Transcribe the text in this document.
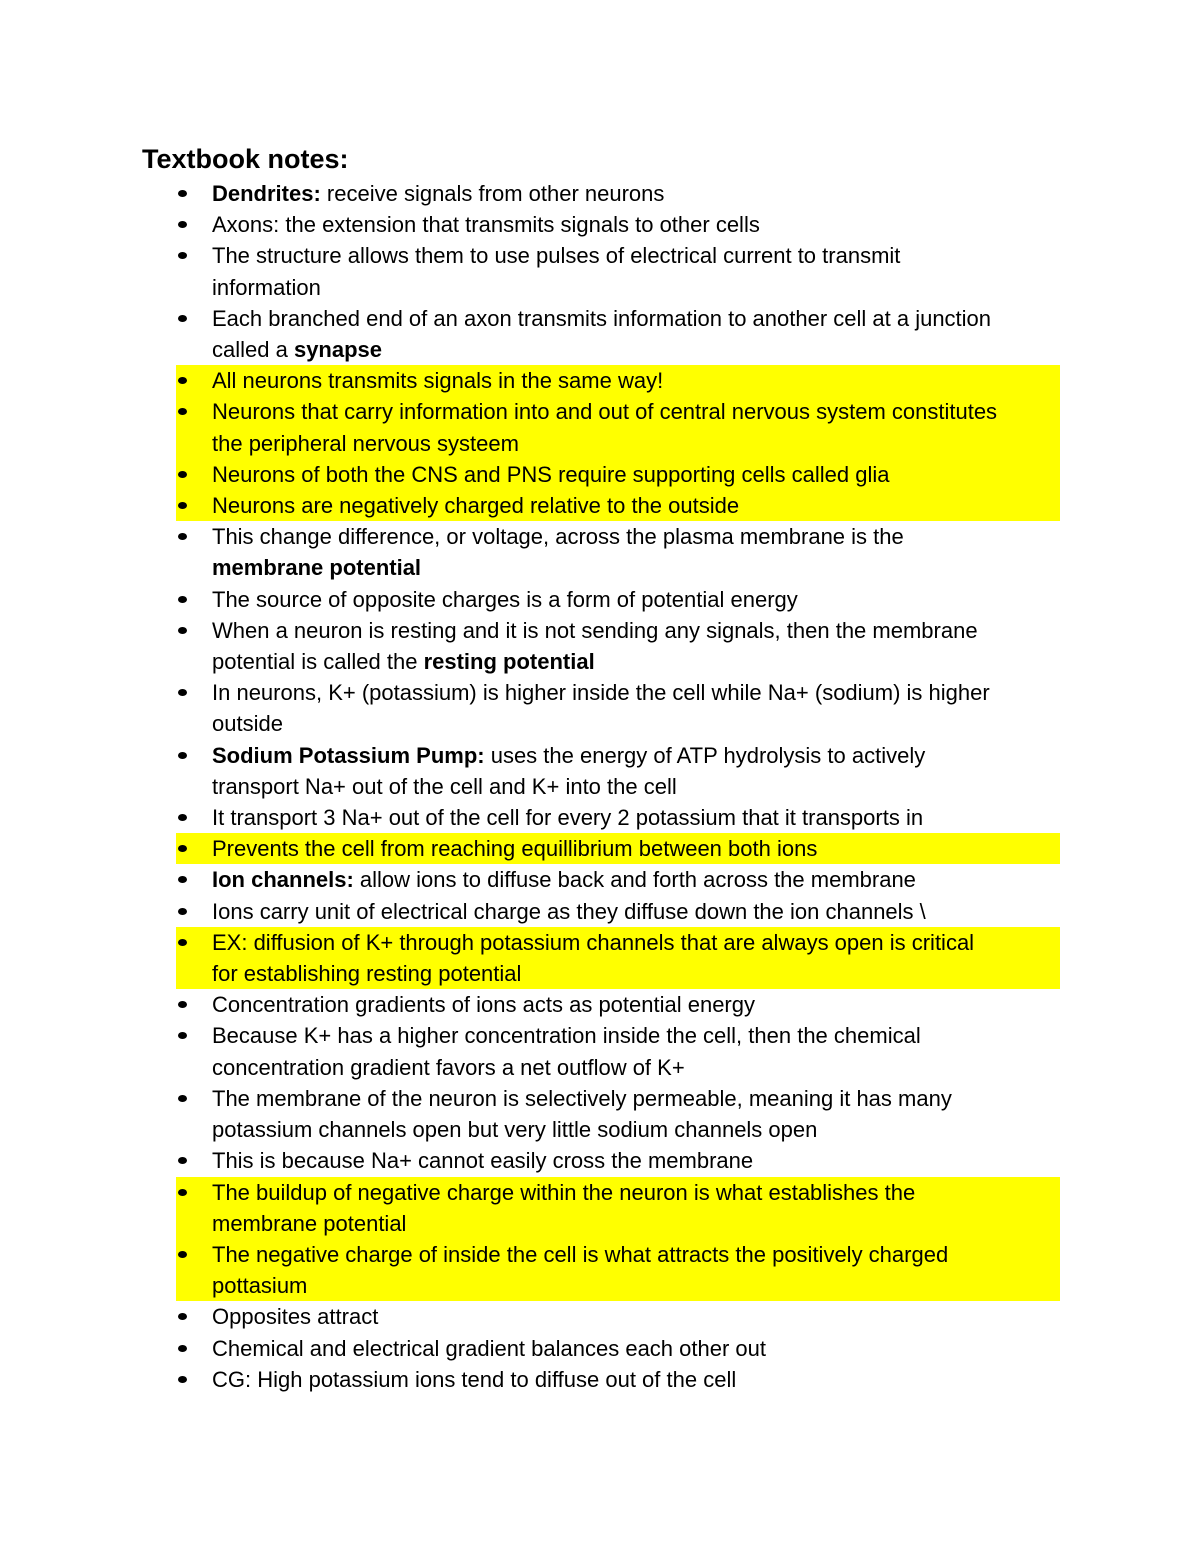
Textbook notes:
Dendrites: receive signals from other neurons
Axons: the extension that transmits signals to other cells
The structure allows them to use pulses of electrical current to transmit
information
Each branched end of an axon transmits information to another cell at a junction
called a synapse
All neurons transmits signals in the same way!
Neurons that carry information into and out of central nervous system constitutes
the peripheral nervous systeem
Neurons of both the CNS and PNS require supporting cells called glia
Neurons are negatively charged relative to the outside
This change difference, or voltage, across the plasma membrane is the
membrane potential
The source of opposite charges is a form of potential energy
When a neuron is resting and it is not sending any signals, then the membrane
potential is called the resting potential
In neurons, K+ (potassium) is higher inside the cell while Na+ (sodium) is higher
outside
Sodium Potassium Pump: uses the energy of ATP hydrolysis to actively
transport Na+ out of the cell and K+ into the cell
It transport 3 Na+ out of the cell for every 2 potassium that it transports in
Prevents the cell from reaching equillibrium between both ions
Ion channels: allow ions to diffuse back and forth across the membrane
Ions carry unit of electrical charge as they diffuse down the ion channels \
EX: diffusion of K+ through potassium channels that are always open is critical
for establishing resting potential
Concentration gradients of ions acts as potential energy
Because K+ has a higher concentration inside the cell, then the chemical
concentration gradient favors a net outflow of K+
The membrane of the neuron is selectively permeable, meaning it has many
potassium channels open but very little sodium channels open
This is because Na+ cannot easily cross the membrane
The buildup of negative charge within the neuron is what establishes the
membrane potential
The negative charge of inside the cell is what attracts the positively charged
pottasium
Opposites attract
Chemical and electrical gradient balances each other out
CG: High potassium ions tend to diffuse out of the cell
